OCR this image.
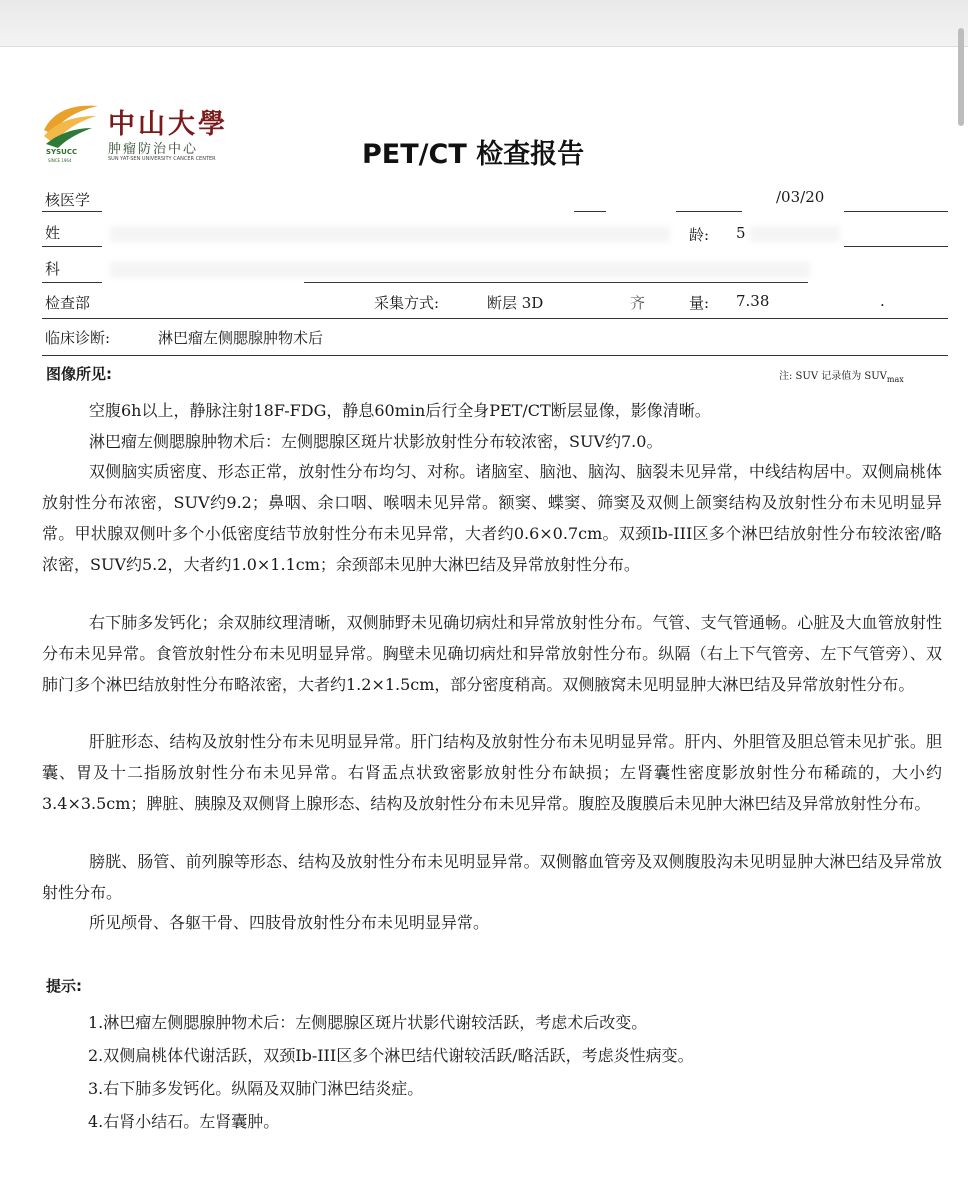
SYSUCC
SINCE 1964
中山大學
肿瘤防治中心
SUN YAT-SEN UNIVERSITY CANCER CENTER	PET/CT 检查报告
核医学	/03/20
姓	龄: 5
科
检查部	采集方式:	断层 3D	齐	量: 7.38	.
临床诊断:	淋巴瘤左侧腮腺肿物术后
图像所见:	注: SUV 记录值为 $SUV_{max}$

空腹6h以上，静脉注射18F-FDG，静息60min后行全身PET/CT断层显像，影像清晰。

淋巴瘤左侧腮腺肿物术后：左侧腮腺区斑片状影放射性分布较浓密，SUV约7.0。

双侧脑实质密度、形态正常，放射性分布均匀、对称。诸脑室、脑池、脑沟、脑裂未见异常，中线结构居中。双侧扁桃体放射性分布浓密，SUV约9.2；鼻咽、余口咽、喉咽未见异常。额窦、蝶窦、筛窦及双侧上颌窦结构及放射性分布未见明显异常。甲状腺双侧叶多个小低密度结节放射性分布未见异常，大者约0.6×0.7cm。双颈Ib-III区多个淋巴结放射性分布较浓密/略浓密，SUV约5.2，大者约1.0×1.1cm；余颈部未见肿大淋巴结及异常放射性分布。

右下肺多发钙化；余双肺纹理清晰，双侧肺野未见确切病灶和异常放射性分布。气管、支气管通畅。心脏及大血管放射性分布未见异常。食管放射性分布未见明显异常。胸壁未见确切病灶和异常放射性分布。纵隔（右上下气管旁、左下气管旁）、双肺门多个淋巴结放射性分布略浓密，大者约1.2×1.5cm，部分密度稍高。双侧腋窝未见明显肿大淋巴结及异常放射性分布。

肝脏形态、结构及放射性分布未见明显异常。肝门结构及放射性分布未见明显异常。肝内、外胆管及胆总管未见扩张。胆囊、胃及十二指肠放射性分布未见异常。右肾盂点状致密影放射性分布缺损；左肾囊性密度影放射性分布稀疏的，大小约3.4×3.5cm；脾脏、胰腺及双侧肾上腺形态、结构及放射性分布未见异常。腹腔及腹膜后未见肿大淋巴结及异常放射性分布。

膀胱、肠管、前列腺等形态、结构及放射性分布未见明显异常。双侧髂血管旁及双侧腹股沟未见明显肿大淋巴结及异常放射性分布。

所见颅骨、各躯干骨、四肢骨放射性分布未见明显异常。

提示:
1.淋巴瘤左侧腮腺肿物术后：左侧腮腺区斑片状影代谢较活跃，考虑术后改变。
2.双侧扁桃体代谢活跃，双颈Ib-III区多个淋巴结代谢较活跃/略活跃，考虑炎性病变。
3.右下肺多发钙化。纵隔及双肺门淋巴结炎症。
4.右肾小结石。左肾囊肿。
